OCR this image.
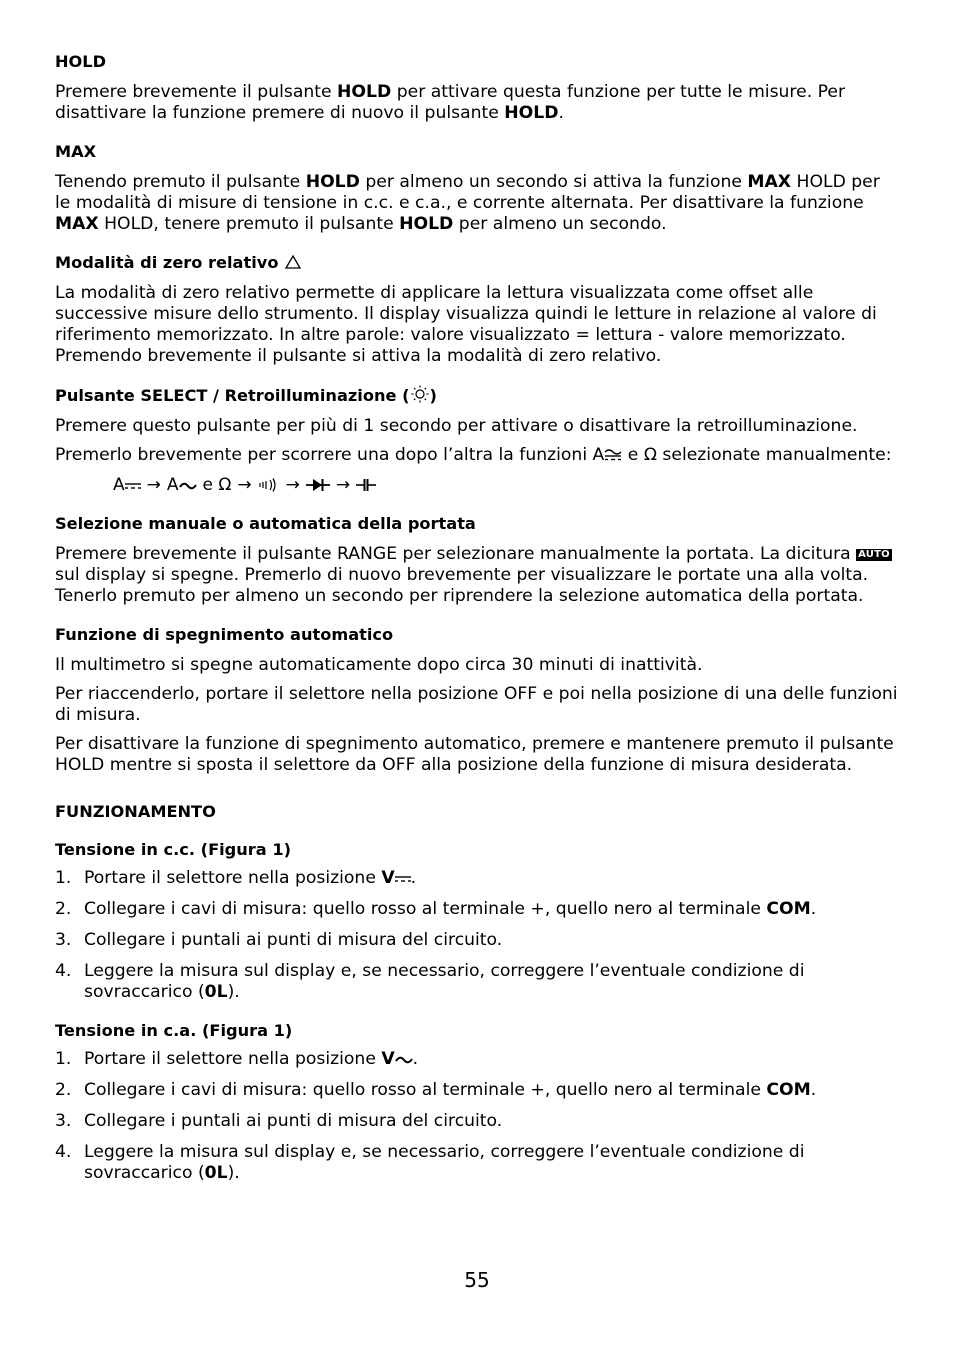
HOLD

Premere brevemente il pulsante HOLD per attivare questa funzione per tutte le misure. Per disattivare la funzione premere di nuovo il pulsante HOLD.

MAX

Tenendo premuto il pulsante HOLD per almeno un secondo si attiva la funzione MAX HOLD per le modalità di misure di tensione in c.c. e c.a., e corrente alternata. Per disattivare la funzione MAX HOLD, tenere premuto il pulsante HOLD per almeno un secondo.

Modalità di zero relativo

La modalità di zero relativo permette di applicare la lettura visualizzata come offset alle successive misure dello strumento. Il display visualizza quindi le letture in relazione al valore di riferimento memorizzato. In altre parole: valore visualizzato = lettura - valore memorizzato. Premendo brevemente il pulsante si attiva la modalità di zero relativo.

Pulsante SELECT / Retroilluminazione ( )

Premere questo pulsante per più di 1 secondo per attivare o disattivare la retroilluminazione.

Premerlo brevemente per scorrere una dopo l’altra la funzioni A e Ω selezionate manualmente:

A	→ A	e Ω → → →

Selezione manuale o automatica della portata

Premere brevemente il pulsante RANGE per selezionare manualmente la portata. La dicitura AUTO sul display si spegne. Premerlo di nuovo brevemente per visualizzare le portate una alla volta. Tenerlo premuto per almeno un secondo per riprendere la selezione automatica della portata.

Funzione di spegnimento automatico

Il multimetro si spegne automaticamente dopo circa 30 minuti di inattività.

Per riaccenderlo, portare il selettore nella posizione OFF e poi nella posizione di una delle funzioni di misura.

Per disattivare la funzione di spegnimento automatico, premere e mantenere premuto il pulsante HOLD mentre si sposta il selettore da OFF alla posizione della funzione di misura desiderata.

FUNZIONAMENTO

Tensione in c.c. (Figura 1)

1. Portare il selettore nella posizione V .
2. Collegare i cavi di misura: quello rosso al terminale +, quello nero al terminale COM.
3. Collegare i puntali ai punti di misura del circuito.
4. Leggere la misura sul display e, se necessario, correggere l’eventuale condizione di sovraccarico (0L).

Tensione in c.a. (Figura 1)

1. Portare il selettore nella posizione V .
2. Collegare i cavi di misura: quello rosso al terminale +, quello nero al terminale COM.
3. Collegare i puntali ai punti di misura del circuito.
4. Leggere la misura sul display e, se necessario, correggere l’eventuale condizione di sovraccarico (0L).
55
